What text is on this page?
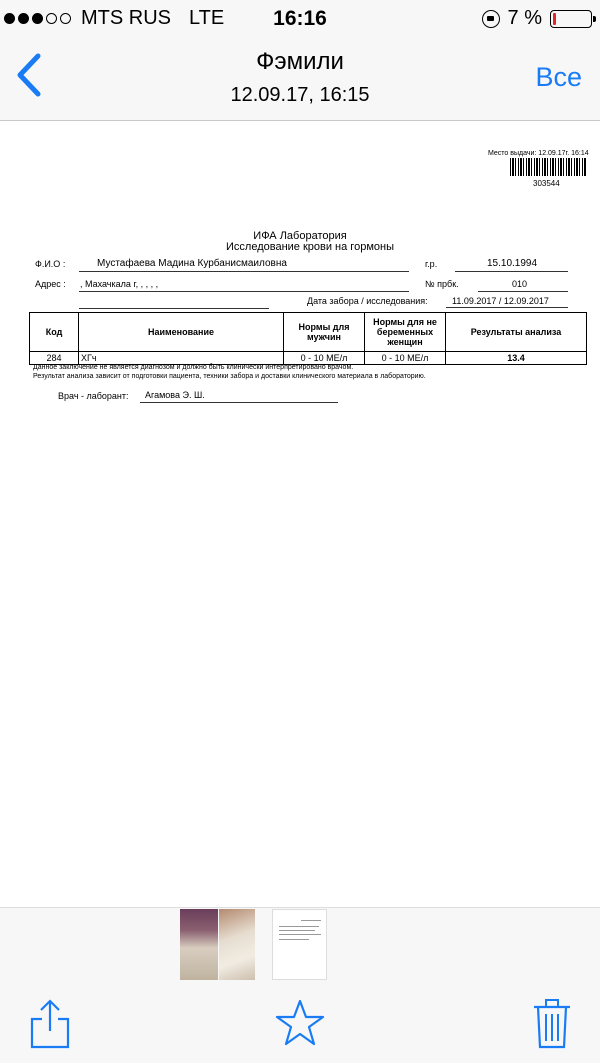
MTS RUS LTE	16:16	7 %
Фэмили
12.09.17, 16:15
Все
Место выдачи: 12.09.17г. 16:14
303544
ИФА Лаборатория
Исследование крови на гормоны
Ф.И.О :	Мустафаева Мадина Курбанисмаиловна	г.р.	15.10.1994
Адрес : , Махачкала г, , , , ,	№ прбк.	010
Дата забора / исследования:	11.09.2017 / 12.09.2017
Код	Наименование	Нормы для мужчин	Нормы для не беременных женщин	Результаты анализа
284	ХГч	0 - 10 МЕ/л	0 - 10 МЕ/л	13.4
Данное заключение не является диагнозом и должно быть клинически интерпретировано врачом.
Результат анализа зависит от подготовки пациента, техники забора и доставки клинического материала в лабораторию.
Врач - лаборант: Агамова Э. Ш.
